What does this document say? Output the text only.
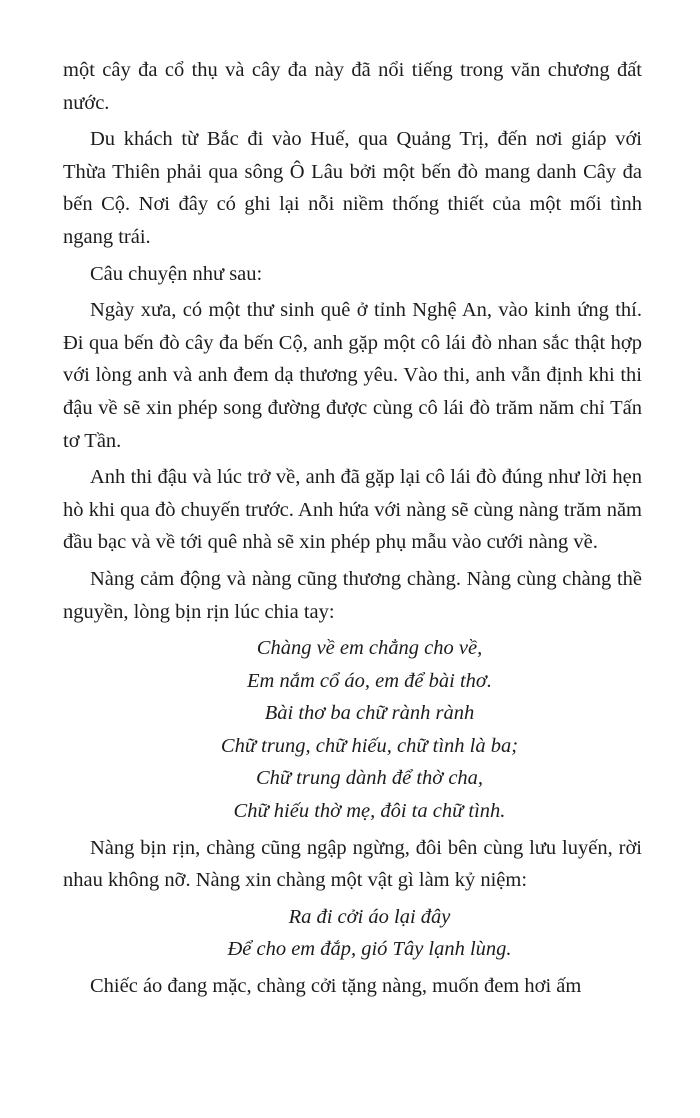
một cây đa cổ thụ và cây đa này đã nổi tiếng trong văn chương đất nước.

Du khách từ Bắc đi vào Huế, qua Quảng Trị, đến nơi giáp với Thừa Thiên phải qua sông Ô Lâu bởi một bến đò mang danh Cây đa bến Cộ. Nơi đây có ghi lại nỗi niềm thống thiết của một mối tình ngang trái.

Câu chuyện như sau:

Ngày xưa, có một thư sinh quê ở tỉnh Nghệ An, vào kinh ứng thí. Đi qua bến đò cây đa bến Cộ, anh gặp một cô lái đò nhan sắc thật hợp với lòng anh và anh đem dạ thương yêu. Vào thi, anh vẫn định khi thi đậu về sẽ xin phép song đường được cùng cô lái đò trăm năm chỉ Tấn tơ Tần.

Anh thi đậu và lúc trở về, anh đã gặp lại cô lái đò đúng như lời hẹn hò khi qua đò chuyến trước. Anh hứa với nàng sẽ cùng nàng trăm năm đầu bạc và về tới quê nhà sẽ xin phép phụ mẫu vào cưới nàng về.

Nàng cảm động và nàng cũng thương chàng. Nàng cùng chàng thề nguyền, lòng bịn rịn lúc chia tay:

Chàng về em chẳng cho về,
Em nắm cổ áo, em để bài thơ.
Bài thơ ba chữ rành rành
Chữ trung, chữ hiếu, chữ tình là ba;
Chữ trung dành để thờ cha,
Chữ hiếu thờ mẹ, đôi ta chữ tình.

Nàng bịn rịn, chàng cũng ngập ngừng, đôi bên cùng lưu luyến, rời nhau không nỡ. Nàng xin chàng một vật gì làm kỷ niệm:

Ra đi cởi áo lại đây
Để cho em đắp, gió Tây lạnh lùng.

Chiếc áo đang mặc, chàng cởi tặng nàng, muốn đem hơi ấm
